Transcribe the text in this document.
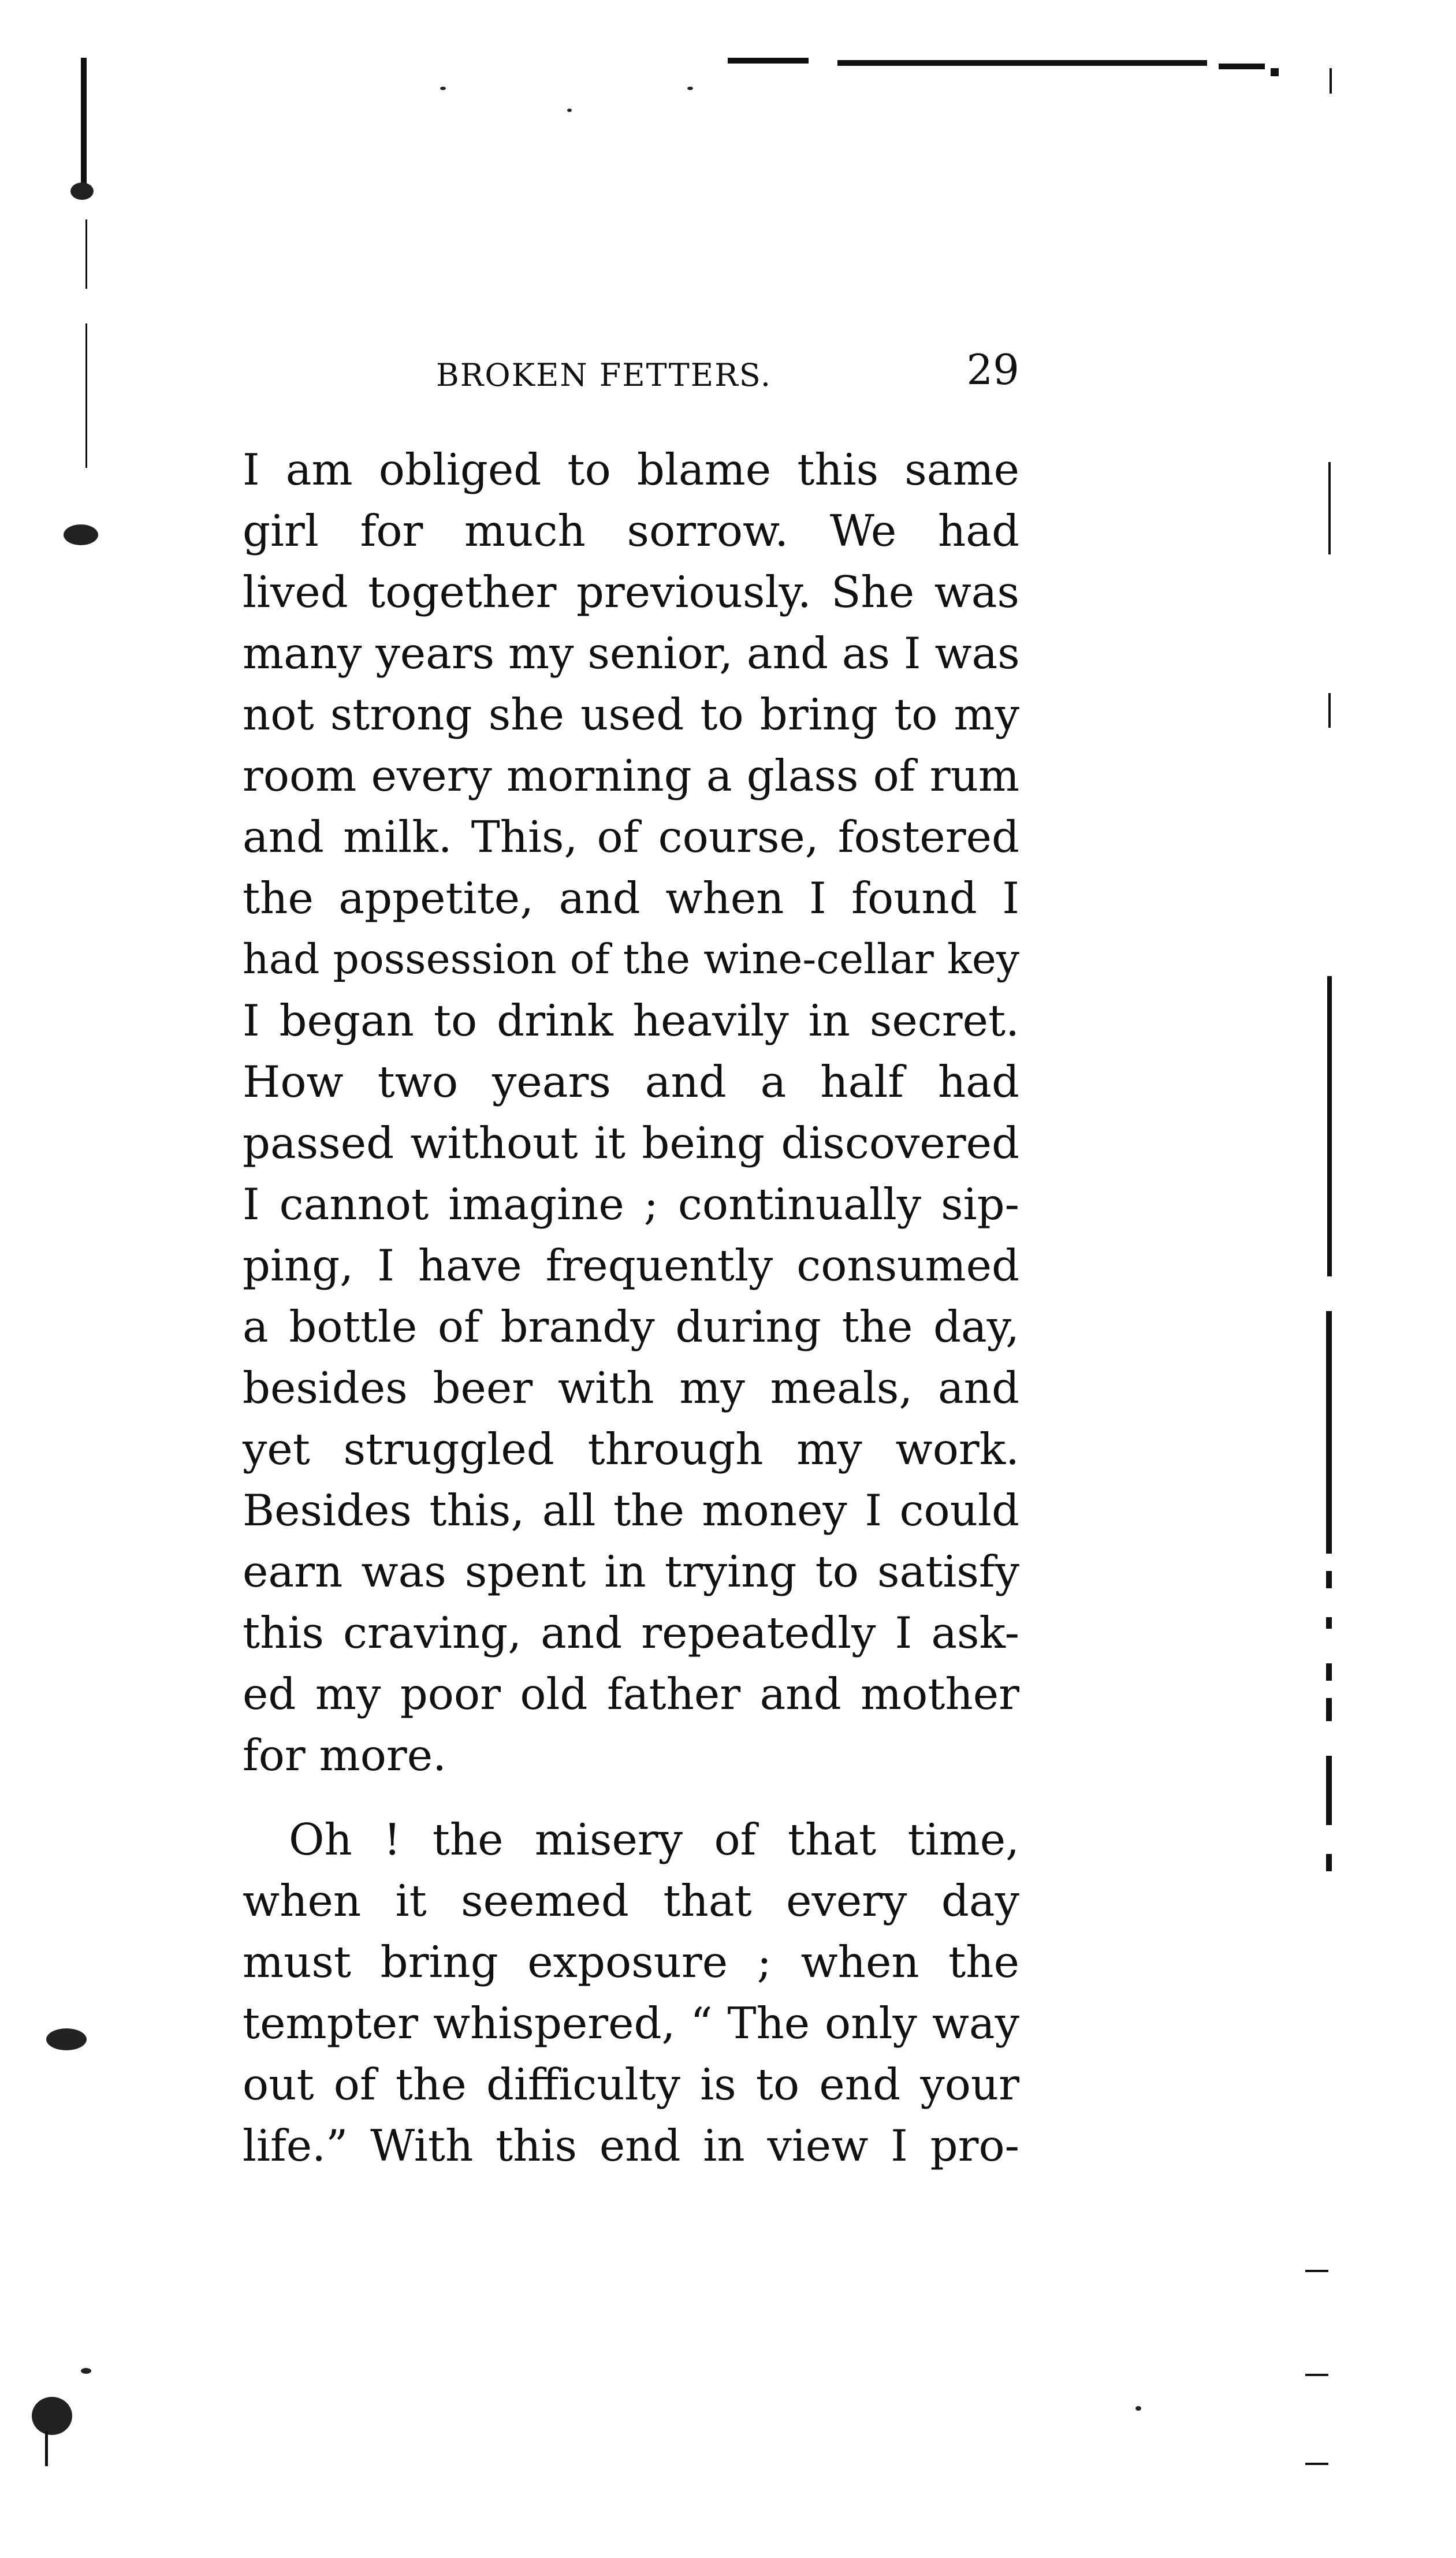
BROKEN FETTERS.	29
I am obliged to blame this same
girl for much sorrow. We had
lived together previously. She was
many years my senior, and as I was
not strong she used to bring to my
room every morning a glass of rum
and milk. This, of course, fostered
the appetite, and when I found I
had possession of the wine-cellar key
I began to drink heavily in secret.
How two years and a half had
passed without it being discovered
I cannot imagine ; continually sip-
ping, I have frequently consumed
a bottle of brandy during the day,
besides beer with my meals, and
yet struggled through my work.
Besides this, all the money I could
earn was spent in trying to satisfy
this craving, and repeatedly I ask-
ed my poor old father and mother
for more.
Oh ! the misery of that time,
when it seemed that every day
must bring exposure ; when the
tempter whispered, “ The only way
out of the difficulty is to end your
life.” With this end in view I pro-
